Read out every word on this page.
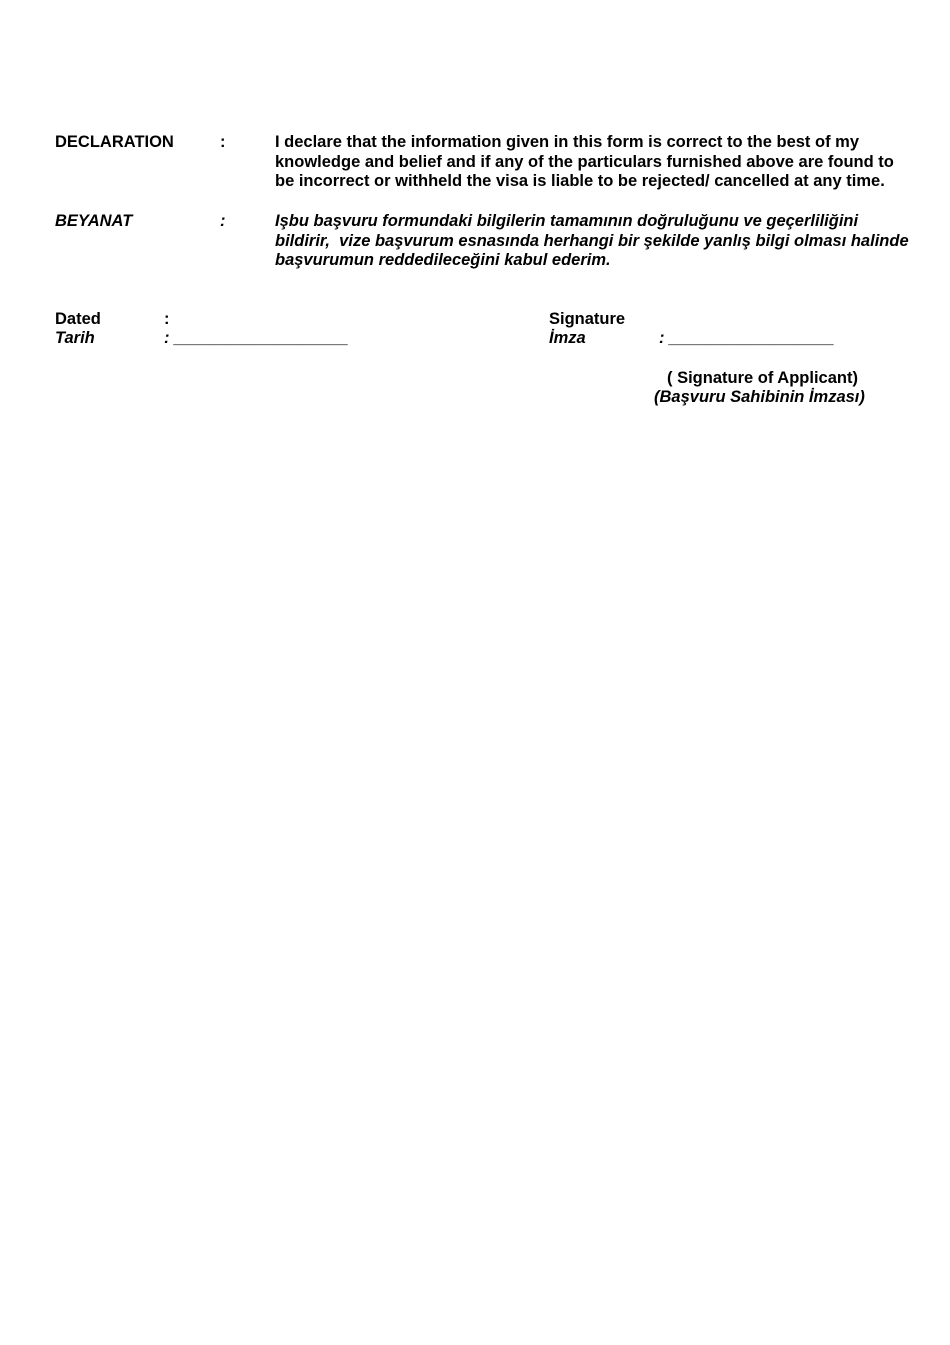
DECLARATION	:	I declare that the information given in this form is correct to the best of my
knowledge and belief and if any of the particulars furnished above are found to
be incorrect or withheld the visa is liable to be rejected/ cancelled at any time.
BEYANAT	:	Işbu başvuru formundaki bilgilerin tamamının doğruluğunu ve geçerliliğini
bildirir,  vize başvurum esnasında herhangi bir şekilde yanlış bilgi olması halinde
başvurumun reddedileceğini kabul ederim.
Dated	:
Tarih	: ___________________
Signature
İmza	: __________________
( Signature of Applicant)
(Başvuru Sahibinin İmzası)
